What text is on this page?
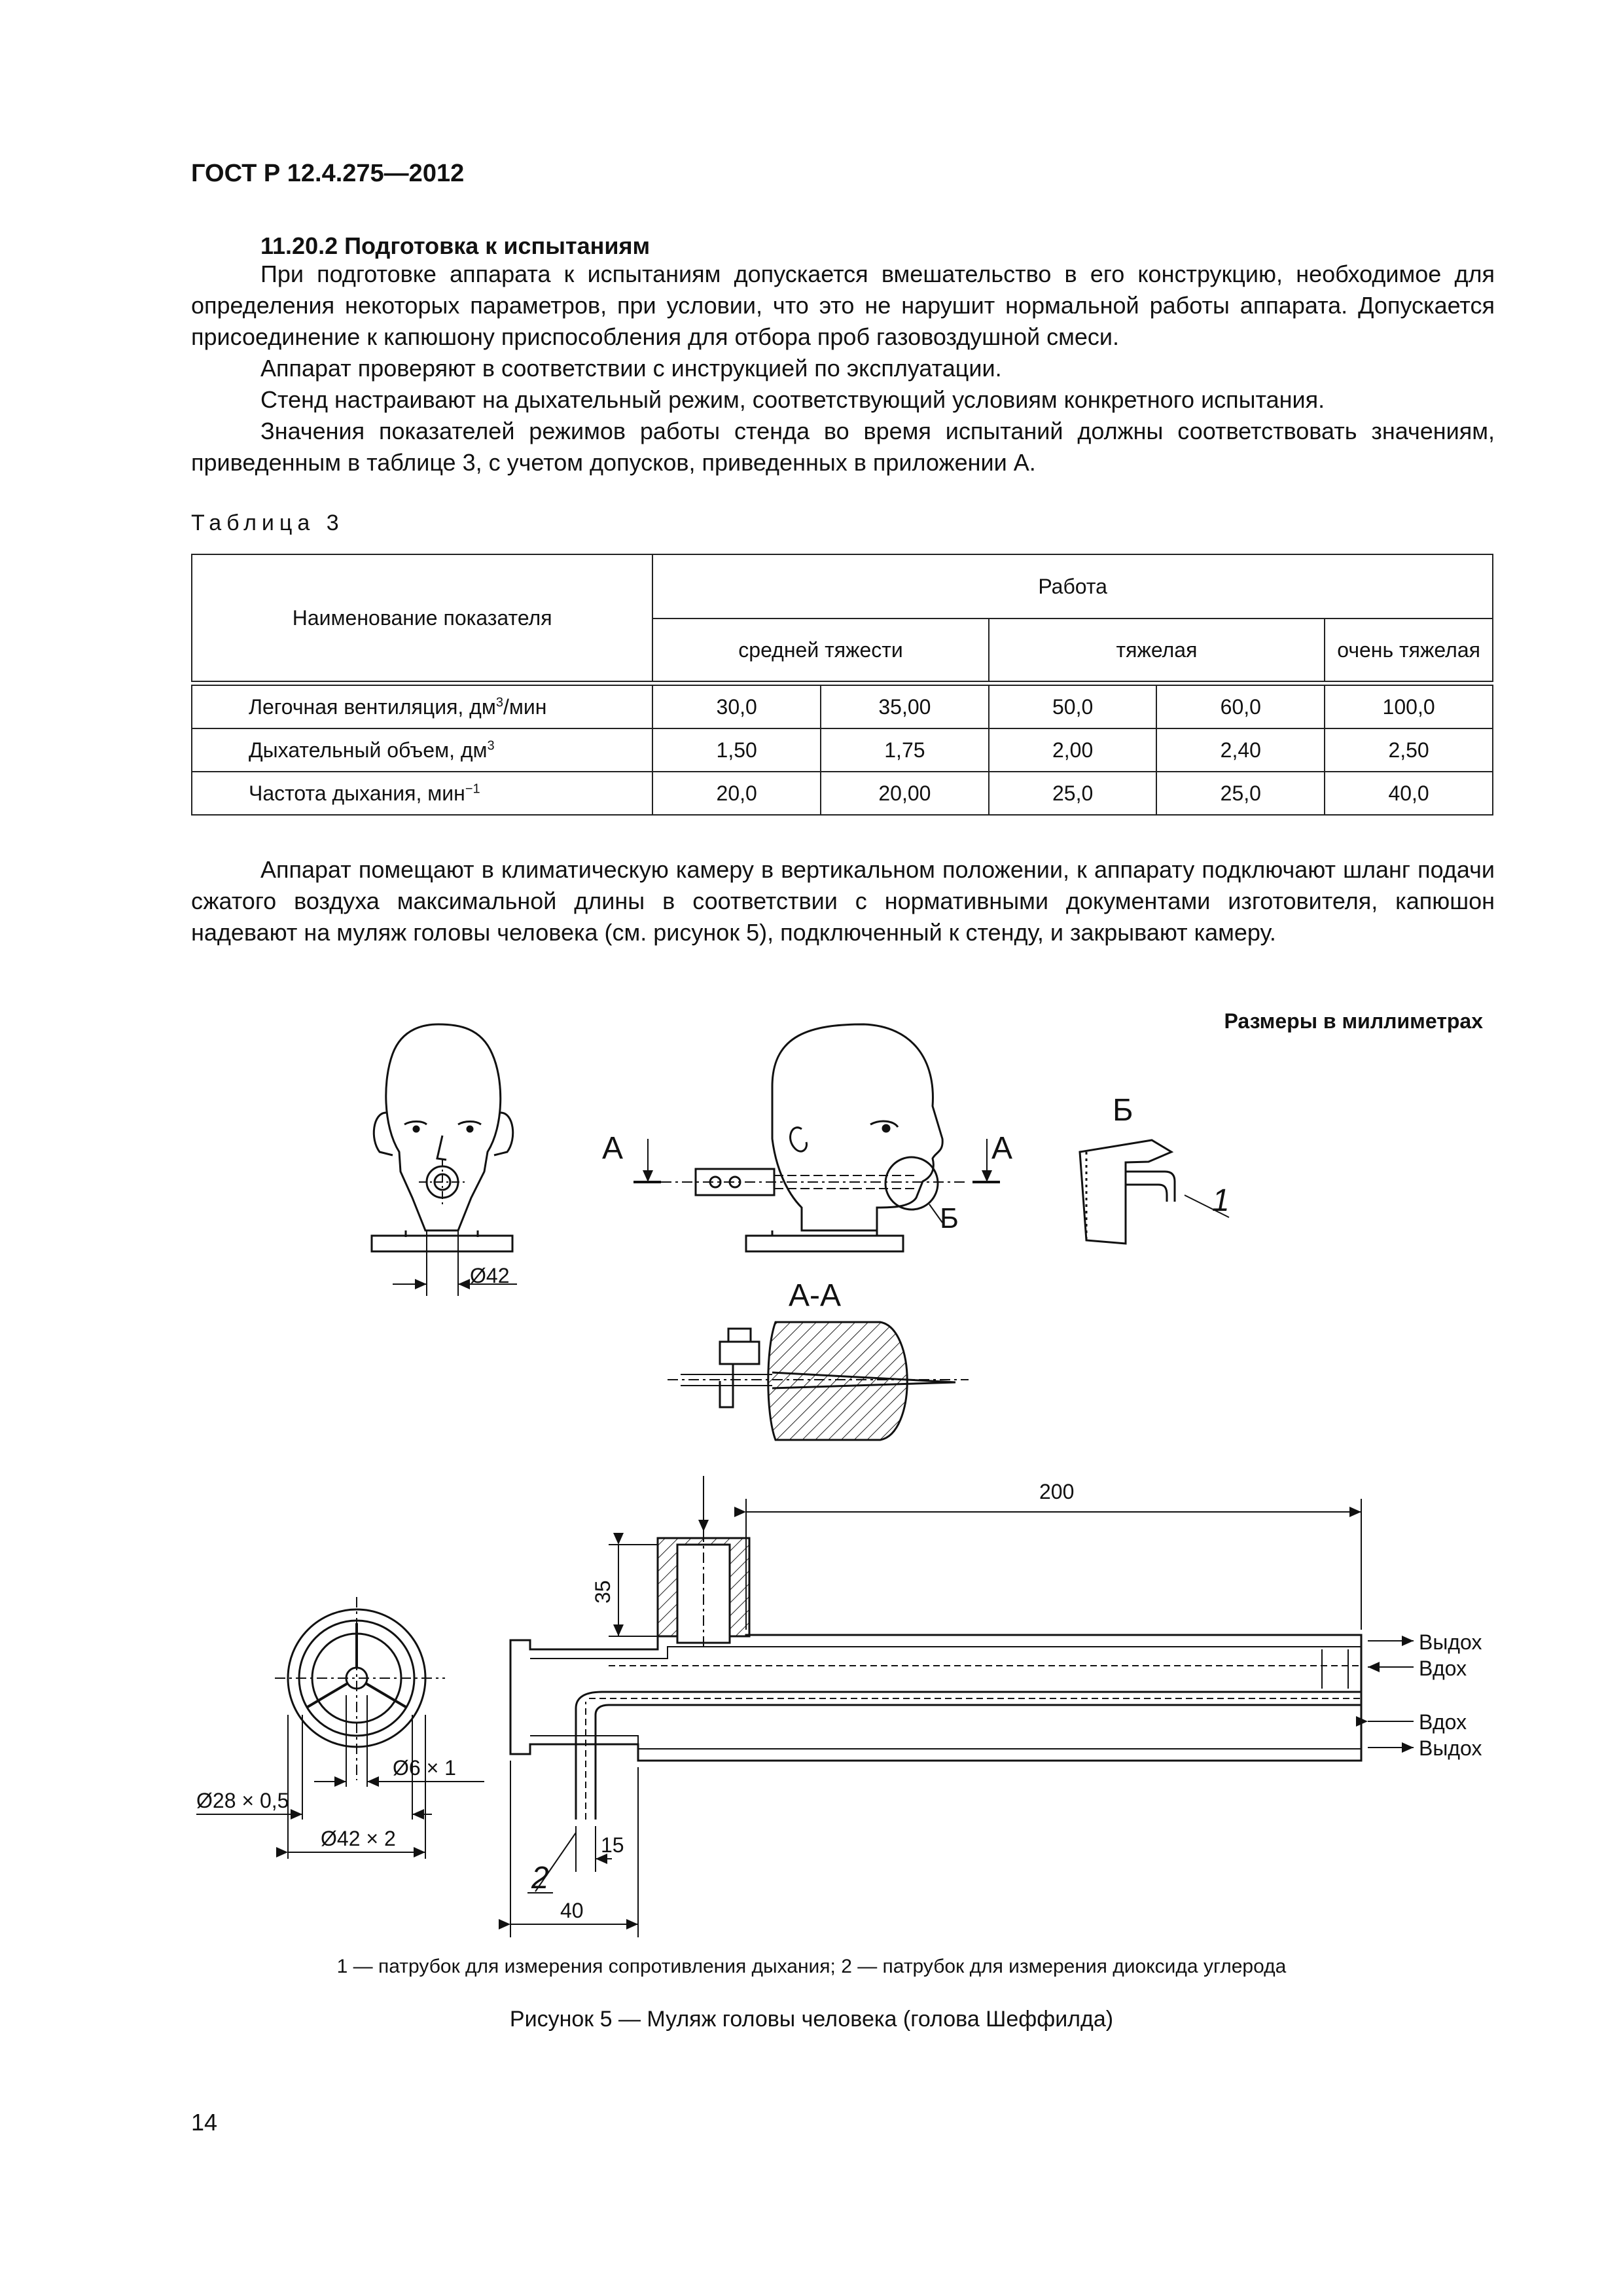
ГОСТ Р 12.4.275—2012
11.20.2 Подготовка к испытаниям

При подготовке аппарата к испытаниям допускается вмешательство в его конструкцию, необходимое для определения некоторых параметров, при условии, что это не нарушит нормальной работы аппарата. Допускается присоединение к капюшону приспособления для отбора проб газовоздушной смеси.

Аппарат проверяют в соответствии с инструкцией по эксплуатации.

Стенд настраивают на дыхательный режим, соответствующий условиям конкретного испытания.

Значения показателей режимов работы стенда во время испытаний должны соответствовать значениям, приведенным в таблице 3, с учетом допусков, приведенных в приложении А.

Таблица 3
Наименование показателя	Работа				
	средней тяжести		тяжелая		очень тяжелая

Легочная вентиляция, $дм^3$/мин	30,0	35,00	50,0	60,0	100,0
Дыхательный объем, $дм^3$	1,50	1,75	2,00	2,40	2,50
Частота дыхания, мин$^{-1}$	20,0	20,00	25,0	25,0	40,0

Аппарат помещают в климатическую камеру в вертикальном положении, к аппарату подключают шланг подачи сжатого воздуха максимальной длины в соответствии с нормативными документами изготовителя, капюшон надевают на муляж головы человека (см. рисунок 5), подключенный к стенду, и закрывают камеру.

Размеры в миллиметрах
Ø42
А	А
Б
Б
1
А-А
200
35
Выдох
Вдох
Вдох
Выдох
Ø6 × 1
Ø28 × 0,5
Ø42 × 2
2
15
40
1 — патрубок для измерения сопротивления дыхания; 2 — патрубок для измерения диоксида углерода
Рисунок 5 — Муляж головы человека (голова Шеффилда)
14
